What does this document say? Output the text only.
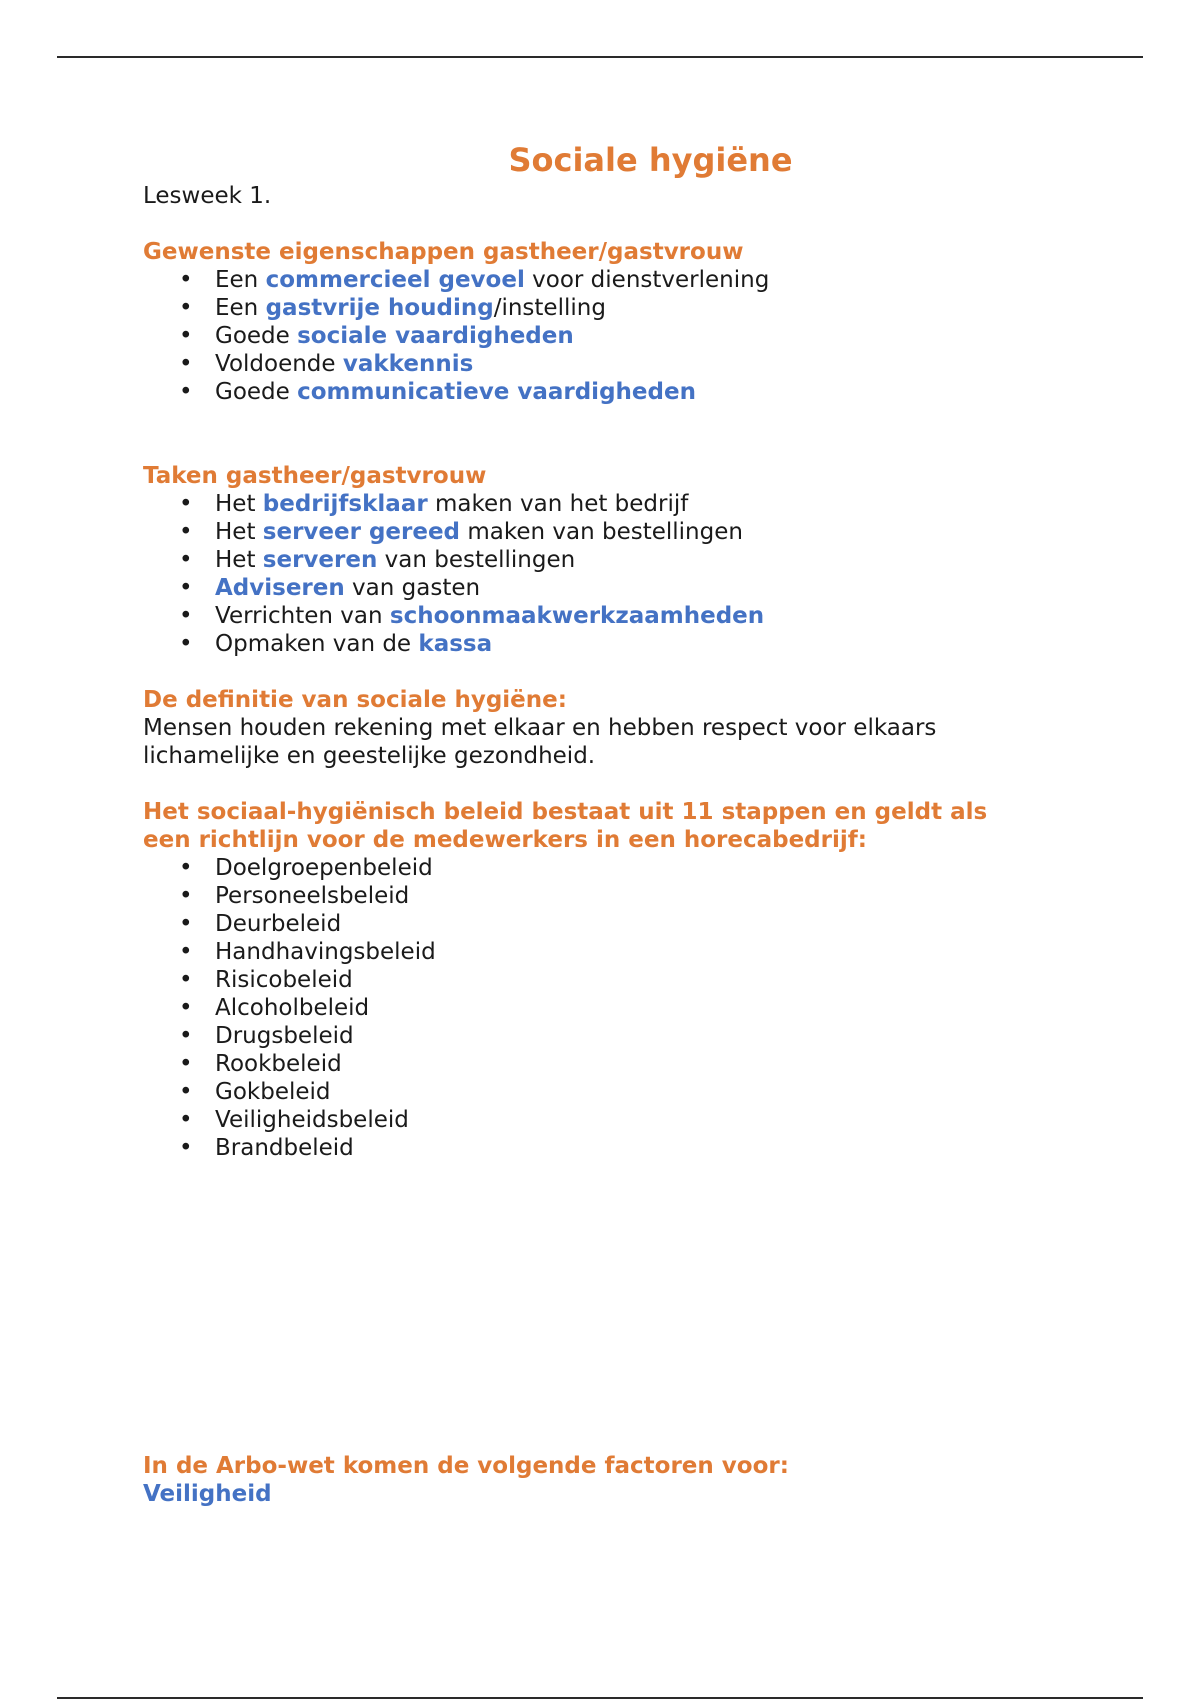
Sociale hygiëne

Lesweek 1.

Gewenste eigenschappen gastheer/gastvrouw

• Een commercieel gevoel voor dienstverlening
• Een gastvrije houding/instelling
• Goede sociale vaardigheden
• Voldoende vakkennis
• Goede communicatieve vaardigheden

Taken gastheer/gastvrouw

• Het bedrijfsklaar maken van het bedrijf
• Het serveer gereed maken van bestellingen
• Het serveren van bestellingen
• Adviseren van gasten
• Verrichten van schoonmaakwerkzaamheden
• Opmaken van de kassa

De definitie van sociale hygiëne:

Mensen houden rekening met elkaar en hebben respect voor elkaars

lichamelijke en geestelijke gezondheid.

Het sociaal-hygiënisch beleid bestaat uit 11 stappen en geldt als

een richtlijn voor de medewerkers in een horecabedrijf:

• Doelgroepenbeleid
• Personeelsbeleid
• Deurbeleid
• Handhavingsbeleid
• Risicobeleid
• Alcoholbeleid
• Drugsbeleid
• Rookbeleid
• Gokbeleid
• Veiligheidsbeleid
• Brandbeleid

In de Arbo-wet komen de volgende factoren voor:

Veiligheid
